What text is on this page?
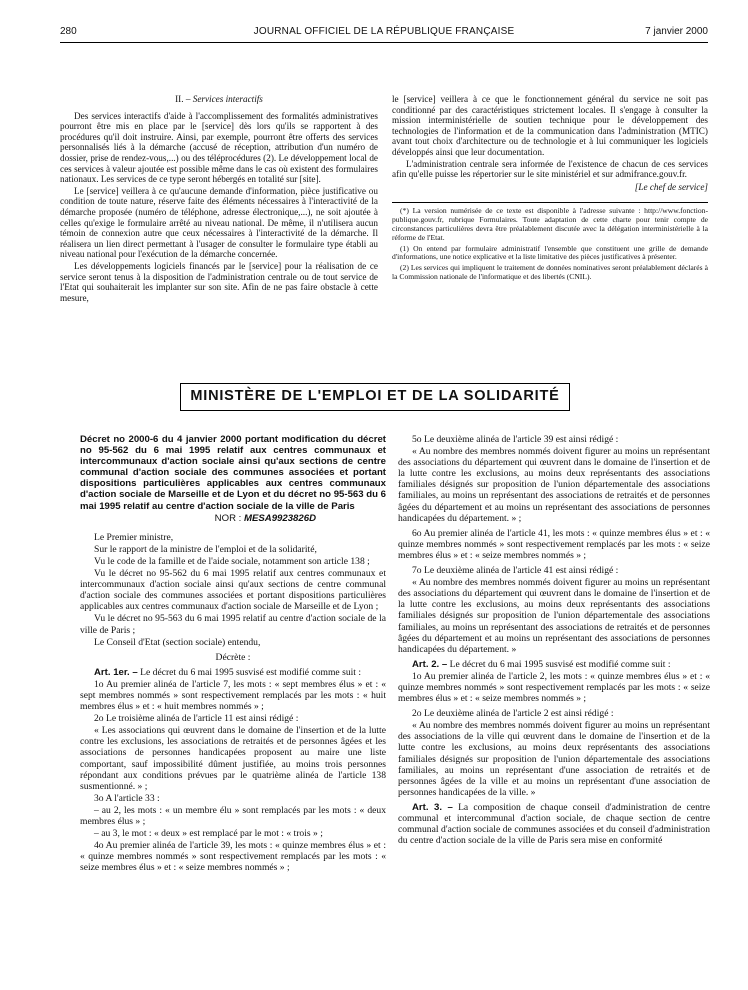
280	JOURNAL OFFICIEL DE LA RÉPUBLIQUE FRANÇAISE	7 janvier 2000

II. – Services interactifs

Des services interactifs d'aide à l'accomplissement des formalités administratives pourront être mis en place par le [service] dès lors qu'ils se rapportent à des procédures qu'il doit instruire. Ainsi, par exemple, pourront être offerts des services personnalisés liés à la démarche (accusé de réception, attribution d'un numéro de dossier, prise de rendez-vous,...) ou des téléprocédures (2). Le développement local de ces services à valeur ajoutée est possible même dans le cas où existent des formulaires nationaux. Les services de ce type seront hébergés en totalité sur [site].

Le [service] veillera à ce qu'aucune demande d'information, pièce justificative ou condition de toute nature, réserve faite des éléments nécessaires à l'interactivité de la démarche proposée (numéro de téléphone, adresse électronique,...), ne soit ajoutée à celles qu'exige le formulaire arrêté au niveau national. De même, il n'utilisera aucun témoin de connexion autre que ceux nécessaires à l'interactivité de la démarche. Il réalisera un lien direct permettant à l'usager de consulter le formulaire type établi au niveau national pour l'exécution de la démarche concernée.

Les développements logiciels financés par le [service] pour la réalisation de ce service seront tenus à la disposition de l'administration centrale ou de tout service de l'Etat qui souhaiterait les implanter sur son site. Afin de ne pas faire obstacle à cette mesure,

le [service] veillera à ce que le fonctionnement général du service ne soit pas conditionné par des caractéristiques strictement locales. Il s'engage à consulter la mission interministérielle de soutien technique pour le développement des technologies de l'information et de la communication dans l'administration (MTIC) avant tout choix d'architecture ou de technologie et à lui communiquer les logiciels développés ainsi que leur documentation.

L'administration centrale sera informée de l'existence de chacun de ces services afin qu'elle puisse les répertorier sur le site ministériel et sur admifrance.gouv.fr.

[Le chef de service]

(*) La version numérisée de ce texte est disponible à l'adresse suivante : http://www.fonction-publique.gouv.fr, rubrique Formulaires. Toute adaptation de cette charte pour tenir compte de circonstances particulières devra être préalablement discutée avec la délégation interministérielle à la réforme de l'Etat.

(1) On entend par formulaire administratif l'ensemble que constituent une grille de demande d'informations, une notice explicative et la liste limitative des pièces justificatives à présenter.

(2) Les services qui impliquent le traitement de données nominatives seront préalablement déclarés à la Commission nationale de l'informatique et des libertés (CNIL).

MINISTÈRE DE L'EMPLOI ET DE LA SOLIDARITÉ

Décret no 2000-6 du 4 janvier 2000 portant modification du décret no 95-562 du 6 mai 1995 relatif aux centres communaux et intercommunaux d'action sociale ainsi qu'aux sections de centre communal d'action sociale des communes associées et portant dispositions particulières applicables aux centres communaux d'action sociale de Marseille et de Lyon et du décret no 95-563 du 6 mai 1995 relatif au centre d'action sociale de la ville de Paris

NOR : MESA9923826D

Le Premier ministre,

Sur le rapport de la ministre de l'emploi et de la solidarité,

Vu le code de la famille et de l'aide sociale, notamment son article 138 ;

Vu le décret no 95-562 du 6 mai 1995 relatif aux centres communaux et intercommunaux d'action sociale ainsi qu'aux sections de centre communal d'action sociale des communes associées et portant dispositions particulières applicables aux centres communaux d'action sociale de Marseille et de Lyon ;

Vu le décret no 95-563 du 6 mai 1995 relatif au centre d'action sociale de la ville de Paris ;

Le Conseil d'Etat (section sociale) entendu,

Décrète :

Art. 1er. – Le décret du 6 mai 1995 susvisé est modifié comme suit :

1o Au premier alinéa de l'article 7, les mots : « sept membres élus » et : « sept membres nommés » sont respectivement remplacés par les mots : « huit membres élus » et : « huit membres nommés » ;

2o Le troisième alinéa de l'article 11 est ainsi rédigé :

« Les associations qui œuvrent dans le domaine de l'insertion et de la lutte contre les exclusions, les associations de retraités et de personnes âgées et les associations de personnes handicapées proposent au maire une liste comportant, sauf impossibilité dûment justifiée, au moins trois personnes répondant aux conditions prévues par le quatrième alinéa de l'article 138 susmentionné. » ;

3o A l'article 33 :

– au 2, les mots : « un membre élu » sont remplacés par les mots : « deux membres élus » ;

– au 3, le mot : « deux » est remplacé par le mot : « trois » ;

4o Au premier alinéa de l'article 39, les mots : « quinze membres élus » et : « quinze membres nommés » sont respectivement remplacés par les mots : « seize membres élus » et : « seize membres nommés » ;

5o Le deuxième alinéa de l'article 39 est ainsi rédigé :

« Au nombre des membres nommés doivent figurer au moins un représentant des associations du département qui œuvrent dans le domaine de l'insertion et de la lutte contre les exclusions, au moins deux représentants des associations familiales désignés sur proposition de l'union départementale des associations familiales, au moins un représentant des associations de retraités et de personnes âgées du département et au moins un représentant des associations de personnes handicapées du département. » ;

6o Au premier alinéa de l'article 41, les mots : « quinze membres élus » et : « quinze membres nommés » sont respectivement remplacés par les mots : « seize membres élus » et : « seize membres nommés » ;

7o Le deuxième alinéa de l'article 41 est ainsi rédigé :

« Au nombre des membres nommés doivent figurer au moins un représentant des associations du département qui œuvrent dans le domaine de l'insertion et de la lutte contre les exclusions, au moins deux représentants des associations familiales désignés sur proposition de l'union départementale des associations familiales, au moins un représentant des associations de retraités et de personnes âgées du département et au moins un représentant des associations de personnes handicapées du département. »

Art. 2. – Le décret du 6 mai 1995 susvisé est modifié comme suit :

1o Au premier alinéa de l'article 2, les mots : « quinze membres élus » et : « quinze membres nommés » sont respectivement remplacés par les mots : « seize membres élus » et : « seize membres nommés » ;

2o Le deuxième alinéa de l'article 2 est ainsi rédigé :

« Au nombre des membres nommés doivent figurer au moins un représentant des associations de la ville qui œuvrent dans le domaine de l'insertion et de la lutte contre les exclusions, au moins deux représentants des associations familiales désignés sur proposition de l'union départementale des associations familiales, au moins un représentant d'une association de retraités et de personnes âgées de la ville et au moins un représentant d'une association de personnes handicapées de la ville. »

Art. 3. – La composition de chaque conseil d'administration de centre communal et intercommunal d'action sociale, de chaque section de centre communal d'action sociale de communes associées et du conseil d'administration du centre d'action sociale de la ville de Paris sera mise en conformité
